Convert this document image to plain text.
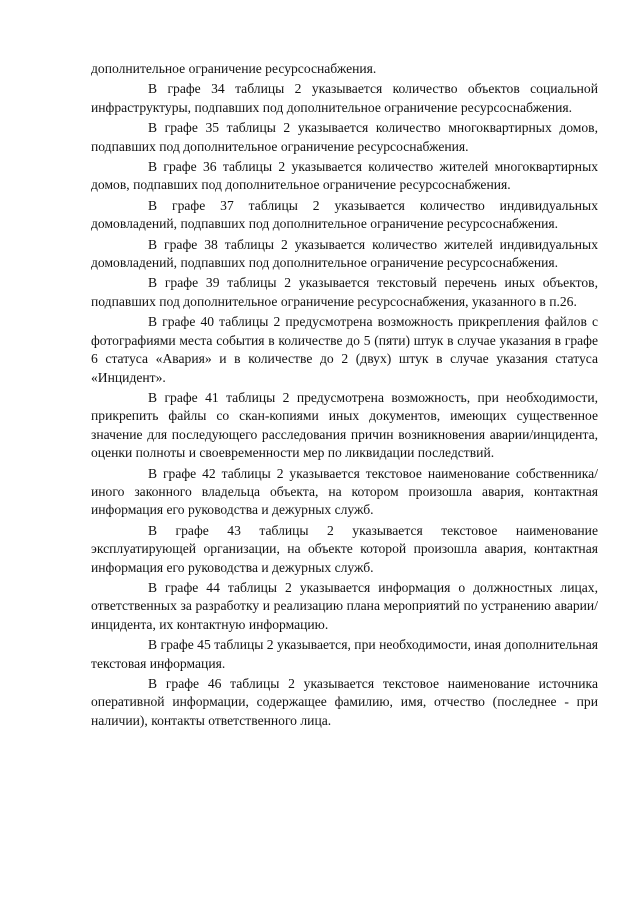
дополнительное ограничение ресурсоснабжения.

В графе 34 таблицы 2 указывается количество объектов социальной инфраструктуры, подпавших под дополнительное ограничение ресурсоснабжения.

В графе 35 таблицы 2 указывается количество многоквартирных домов, подпавших под дополнительное ограничение ресурсоснабжения.

В графе 36 таблицы 2 указывается количество жителей многоквартирных домов, подпавших под дополнительное ограничение ресурсоснабжения.

В графе 37 таблицы 2 указывается количество индивидуальных домовладений, подпавших под дополнительное ограничение ресурсоснабжения.

В графе 38 таблицы 2 указывается количество жителей индивидуальных домовладений, подпавших под дополнительное ограничение ресурсоснабжения.

В графе 39 таблицы 2 указывается текстовый перечень иных объектов, подпавших под дополнительное ограничение ресурсоснабжения, указанного в п.26.

В графе 40 таблицы 2 предусмотрена возможность прикрепления файлов с фотографиями места события в количестве до 5 (пяти) штук в случае указания в графе 6 статуса «Авария» и в количестве до 2 (двух) штук в случае указания статуса «Инцидент».

В графе 41 таблицы 2 предусмотрена возможность, при необходимости, прикрепить файлы со скан-копиями иных документов, имеющих существенное значение для последующего расследования причин возникновения аварии/инцидента, оценки полноты и своевременности мер по ликвидации последствий.

В графе 42 таблицы 2 указывается текстовое наименование собственника/иного законного владельца объекта, на котором произошла авария, контактная информация его руководства и дежурных служб.

В графе 43 таблицы 2 указывается текстовое наименование эксплуатирующей организации, на объекте которой произошла авария, контактная информация его руководства и дежурных служб.

В графе 44 таблицы 2 указывается информация о должностных лицах, ответственных за разработку и реализацию плана мероприятий по устранению аварии/инцидента, их контактную информацию.

В графе 45 таблицы 2 указывается, при необходимости, иная дополнительная текстовая информация.

В графе 46 таблицы 2 указывается текстовое наименование источника оперативной информации, содержащее фамилию, имя, отчество (последнее - при наличии), контакты ответственного лица.
